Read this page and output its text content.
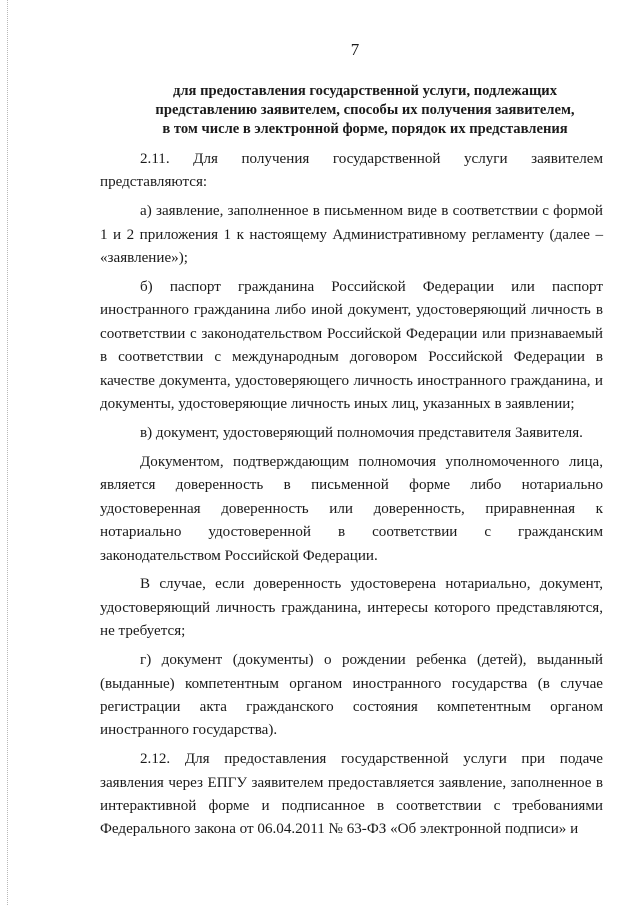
7
для предоставления государственной услуги, подлежащих
представлению заявителем, способы их получения заявителем,
в том числе в электронной форме, порядок их представления

2.11. Для получения государственной услуги заявителем представляются:

а) заявление, заполненное в письменном виде в соответствии с формой 1 и 2 приложения 1 к настоящему Административному регламенту (далее – «заявление»);

б) паспорт гражданина Российской Федерации или паспорт иностранного гражданина либо иной документ, удостоверяющий личность в соответствии с законодательством Российской Федерации или признаваемый в соответствии с международным договором Российской Федерации в качестве документа, удостоверяющего личность иностранного гражданина, и документы, удостоверяющие личность иных лиц, указанных в заявлении;

в) документ, удостоверяющий полномочия представителя Заявителя.

Документом, подтверждающим полномочия уполномоченного лица, является доверенность в письменной форме либо нотариально удостоверенная доверенность или доверенность, приравненная к нотариально удостоверенной в соответствии с гражданским законодательством Российской Федерации.

В случае, если доверенность удостоверена нотариально, документ, удостоверяющий личность гражданина, интересы которого представляются, не требуется;

г) документ (документы) о рождении ребенка (детей), выданный (выданные) компетентным органом иностранного государства (в случае регистрации акта гражданского состояния компетентным органом иностранного государства).

2.12. Для предоставления государственной услуги при подаче заявления через ЕПГУ заявителем предоставляется заявление, заполненное в интерактивной форме и подписанное в соответствии с требованиями Федерального закона от 06.04.2011 № 63-ФЗ «Об электронной подписи» и
